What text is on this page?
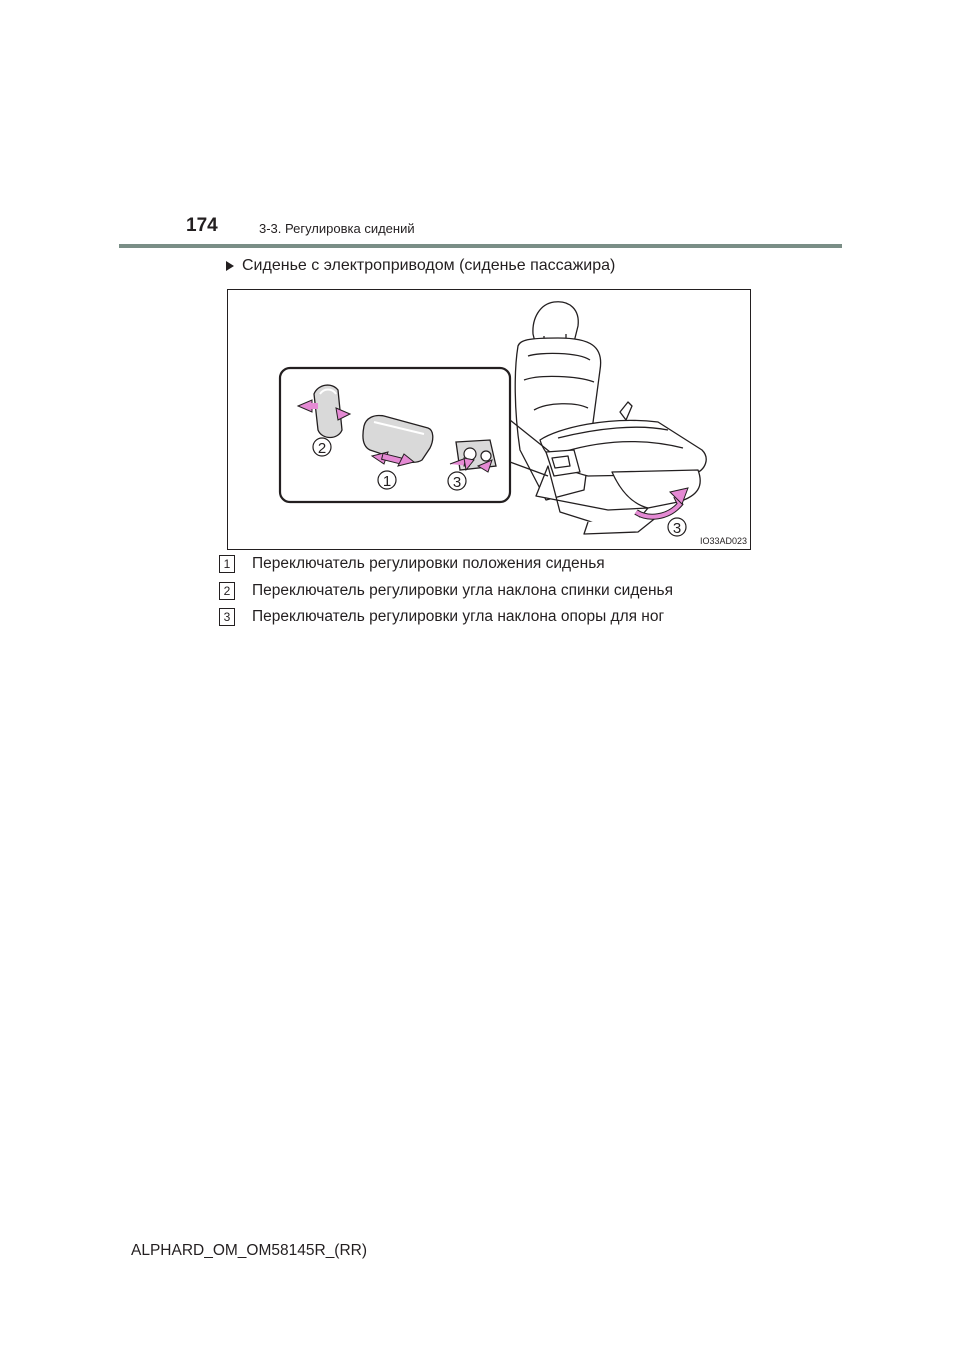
174	3-3. Регулировка сидений
Сиденье с электроприводом (сиденье пассажира)
1
2
3
3
IO33AD023
1	Переключатель регулировки положения сиденья
2	Переключатель регулировки угла наклона спинки сиденья
3	Переключатель регулировки угла наклона опоры для ног
ALPHARD_OM_OM58145R_(RR)
